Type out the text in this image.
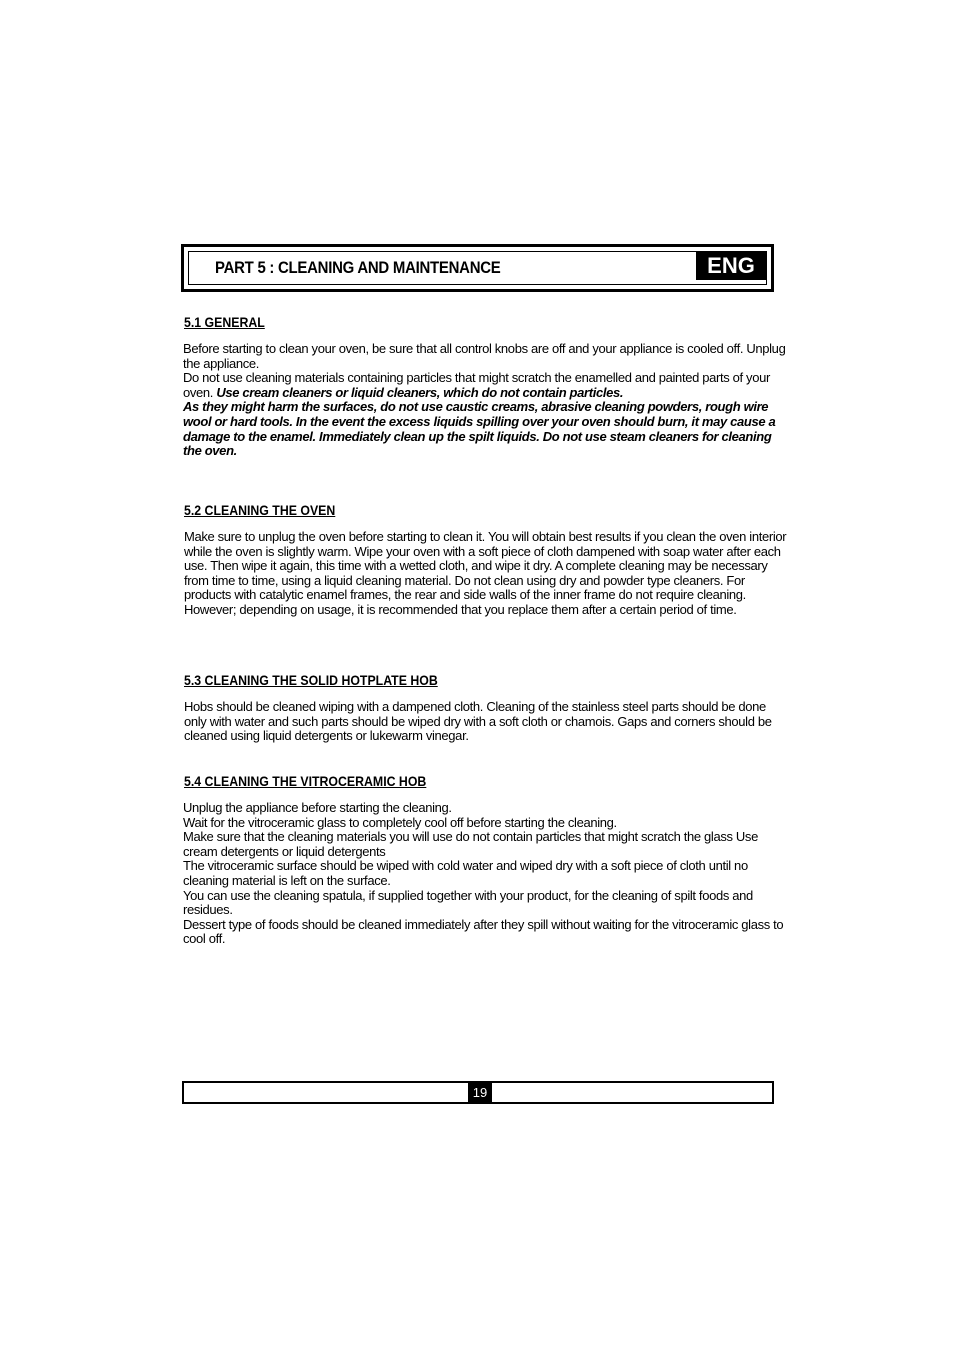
PART 5 : CLEANING AND MAINTENANCE	ENG
5.1 GENERAL

Before starting to clean your oven, be sure that all control knobs are off and your appliance is cooled off. Unplug the appliance.

Do not use cleaning materials containing particles that might scratch the enamelled and painted parts of your oven. Use cream cleaners or liquid cleaners, which do not contain particles.

As they might harm the surfaces, do not use caustic creams, abrasive cleaning powders, rough wire wool or hard tools. In the event the excess liquids spilling over your oven should burn, it may cause a damage to the enamel. Immediately clean up the spilt liquids. Do not use steam cleaners for cleaning the oven.

5.2 CLEANING THE OVEN

Make sure to unplug the oven before starting to clean it. You will obtain best results if you clean the oven interior while the oven is slightly warm. Wipe your oven with a soft piece of cloth dampened with soap water after each use. Then wipe it again, this time with a wetted cloth, and wipe it dry. A complete cleaning may be necessary from time to time, using a liquid cleaning material. Do not clean using dry and powder type cleaners. For products with catalytic enamel frames, the rear and side walls of the inner frame do not require cleaning. However; depending on usage, it is recommended that you replace them after a certain period of time.

5.3 CLEANING THE SOLID HOTPLATE HOB

Hobs should be cleaned wiping with a dampened cloth. Cleaning of the stainless steel parts should be done only with water and such parts should be wiped dry with a soft cloth or chamois. Gaps and corners should be cleaned using liquid detergents or lukewarm vinegar.

5.4 CLEANING THE VITROCERAMIC HOB

Unplug the appliance before starting the cleaning.

Wait for the vitroceramic glass to completely cool off before starting the cleaning.

Make sure that the cleaning materials you will use do not contain particles that might scratch the glass Use cream detergents or liquid detergents

The vitroceramic surface should be wiped with cold water and wiped dry with a soft piece of cloth until no cleaning material is left on the surface.

You can use the cleaning spatula, if supplied together with your product, for the cleaning of spilt foods and residues.

Dessert type of foods should be cleaned immediately after they spill without waiting for the vitroceramic glass to cool off.

19
